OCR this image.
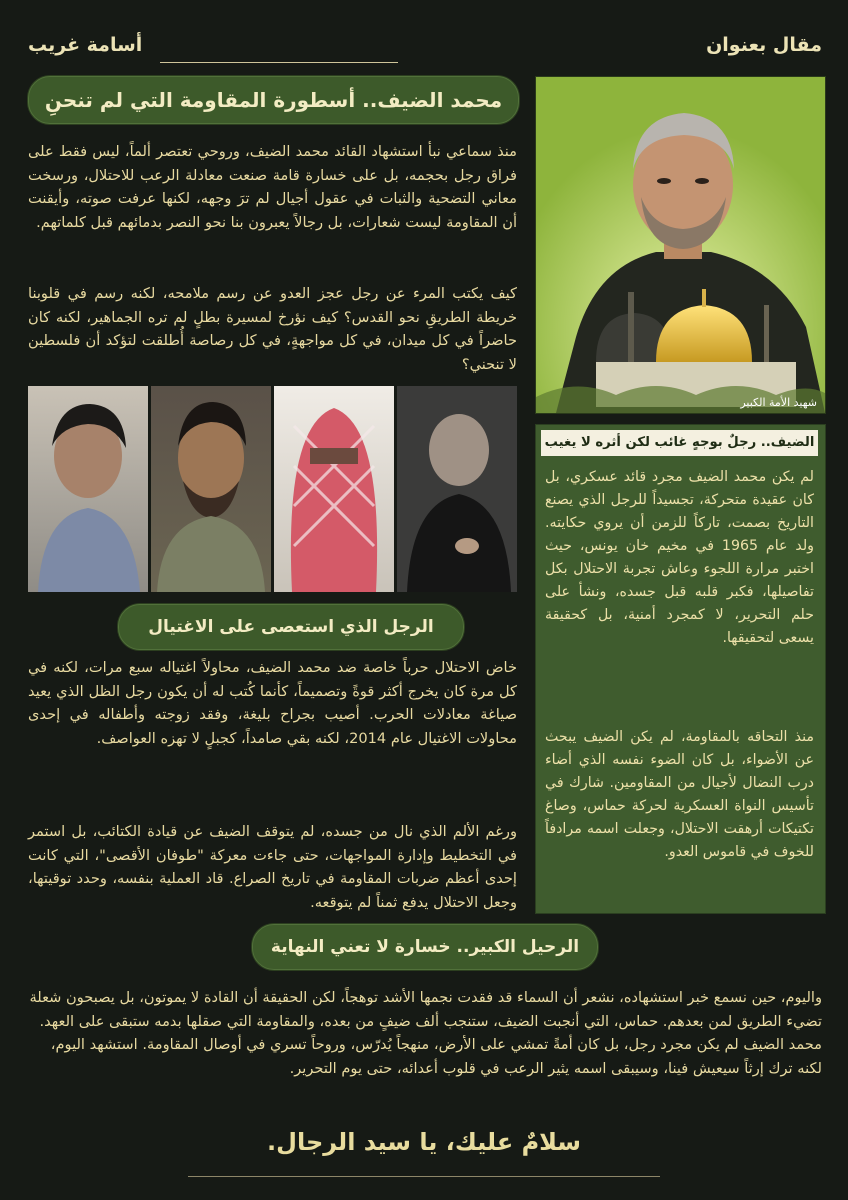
مقال بعنوان
أسامة غريب
محمد الضيف.. أسطورة المقاومة التي لم تنحنِ
منذ سماعي نبأ استشهاد القائد محمد الضيف، وروحي تعتصر ألماً، ليس فقط على فراق رجل بحجمه، بل على خسارة قامة صنعت معادلة الرعب للاحتلال، ورسخت معاني التضحية والثبات في عقول أجيال لم ترَ وجهه، لكنها عرفت صوته، وأيقنت أن المقاومة ليست شعارات، بل رجالاً يعبرون بنا نحو النصر بدمائهم قبل كلماتهم.
كيف يكتب المرء عن رجل عجز العدو عن رسم ملامحه، لكنه رسم في قلوبنا خريطة الطريقِ نحو القدس؟ كيف نؤرخ لمسيرة بطلٍ لم تره الجماهير، لكنه كان حاضراً في كل ميدان، في كل مواجهةٍ، في كل رصاصة أُطلقت لتؤكد أن فلسطين لا تنحني؟
شهيد الأمة الكبير
الضيف.. رجلٌ بوجهٍ غائب لكن أثره لا يغيب
لم يكن محمد الضيف مجرد قائد عسكري، بل كان عقيدة متحركة، تجسيداً للرجل الذي يصنع التاريخ بصمت، تاركاً للزمن أن يروي حكايته. ولد عام 1965 في مخيم خان يونس، حيث اختبر مرارة اللجوء وعاش تجربة الاحتلال بكل تفاصيلها، فكبر قلبه قبل جسده، ونشأ على حلم التحرير، لا كمجرد أمنية، بل كحقيقة يسعى لتحقيقها.
منذ التحاقه بالمقاومة، لم يكن الضيف يبحث عن الأضواء، بل كان الضوء نفسه الذي أضاء درب النضال لأجيال من المقاومين. شارك في تأسيس النواة العسكرية لحركة حماس، وصاغ تكتيكات أرهقت الاحتلال، وجعلت اسمه مرادفاً للخوف في قاموس العدو.
الرجل الذي استعصى على الاغتيال
خاض الاحتلال حرباً خاصة ضد محمد الضيف، محاولاً اغتياله سبع مرات، لكنه في كل مرة كان يخرج أكثر قوةً وتصميماً، كأنما كُتب له أن يكون رجل الظل الذي يعيد صياغة معادلات الحرب. أصيب بجراح بليغة، وفقد زوجته وأطفاله في إحدى محاولات الاغتيال عام 2014، لكنه بقي صامداً، كجبلٍ لا تهزه العواصف.
ورغم الألم الذي نال من جسده، لم يتوقف الضيف عن قيادة الكتائب، بل استمر في التخطيط وإدارة المواجهات، حتى جاءت معركة "طوفان الأقصى"، التي كانت إحدى أعظم ضربات المقاومة في تاريخ الصراع. قاد العملية بنفسه، وحدد توقيتها، وجعل الاحتلال يدفع ثمناً لم يتوقعه.
الرحيل الكبير.. خسارة لا تعني النهاية
واليوم، حين نسمع خبر استشهاده، نشعر أن السماء قد فقدت نجمها الأشد توهجاً، لكن الحقيقة أن القادة لا يموتون، بل يصبحون شعلة تضيء الطريق لمن بعدهم. حماس، التي أنجبت الضيف، ستنجب ألف ضيفٍ من بعده، والمقاومة التي صقلها بدمه ستبقى على العهد.
محمد الضيف لم يكن مجرد رجل، بل كان أمةً تمشي على الأرض، منهجاً يُدرّس، وروحاً تسري في أوصال المقاومة. استشهد اليوم، لكنه ترك إرثاً سيعيش فينا، وسيبقى اسمه يثير الرعب في قلوب أعدائه، حتى يوم التحرير.
سلامٌ عليك، يا سيد الرجال.
